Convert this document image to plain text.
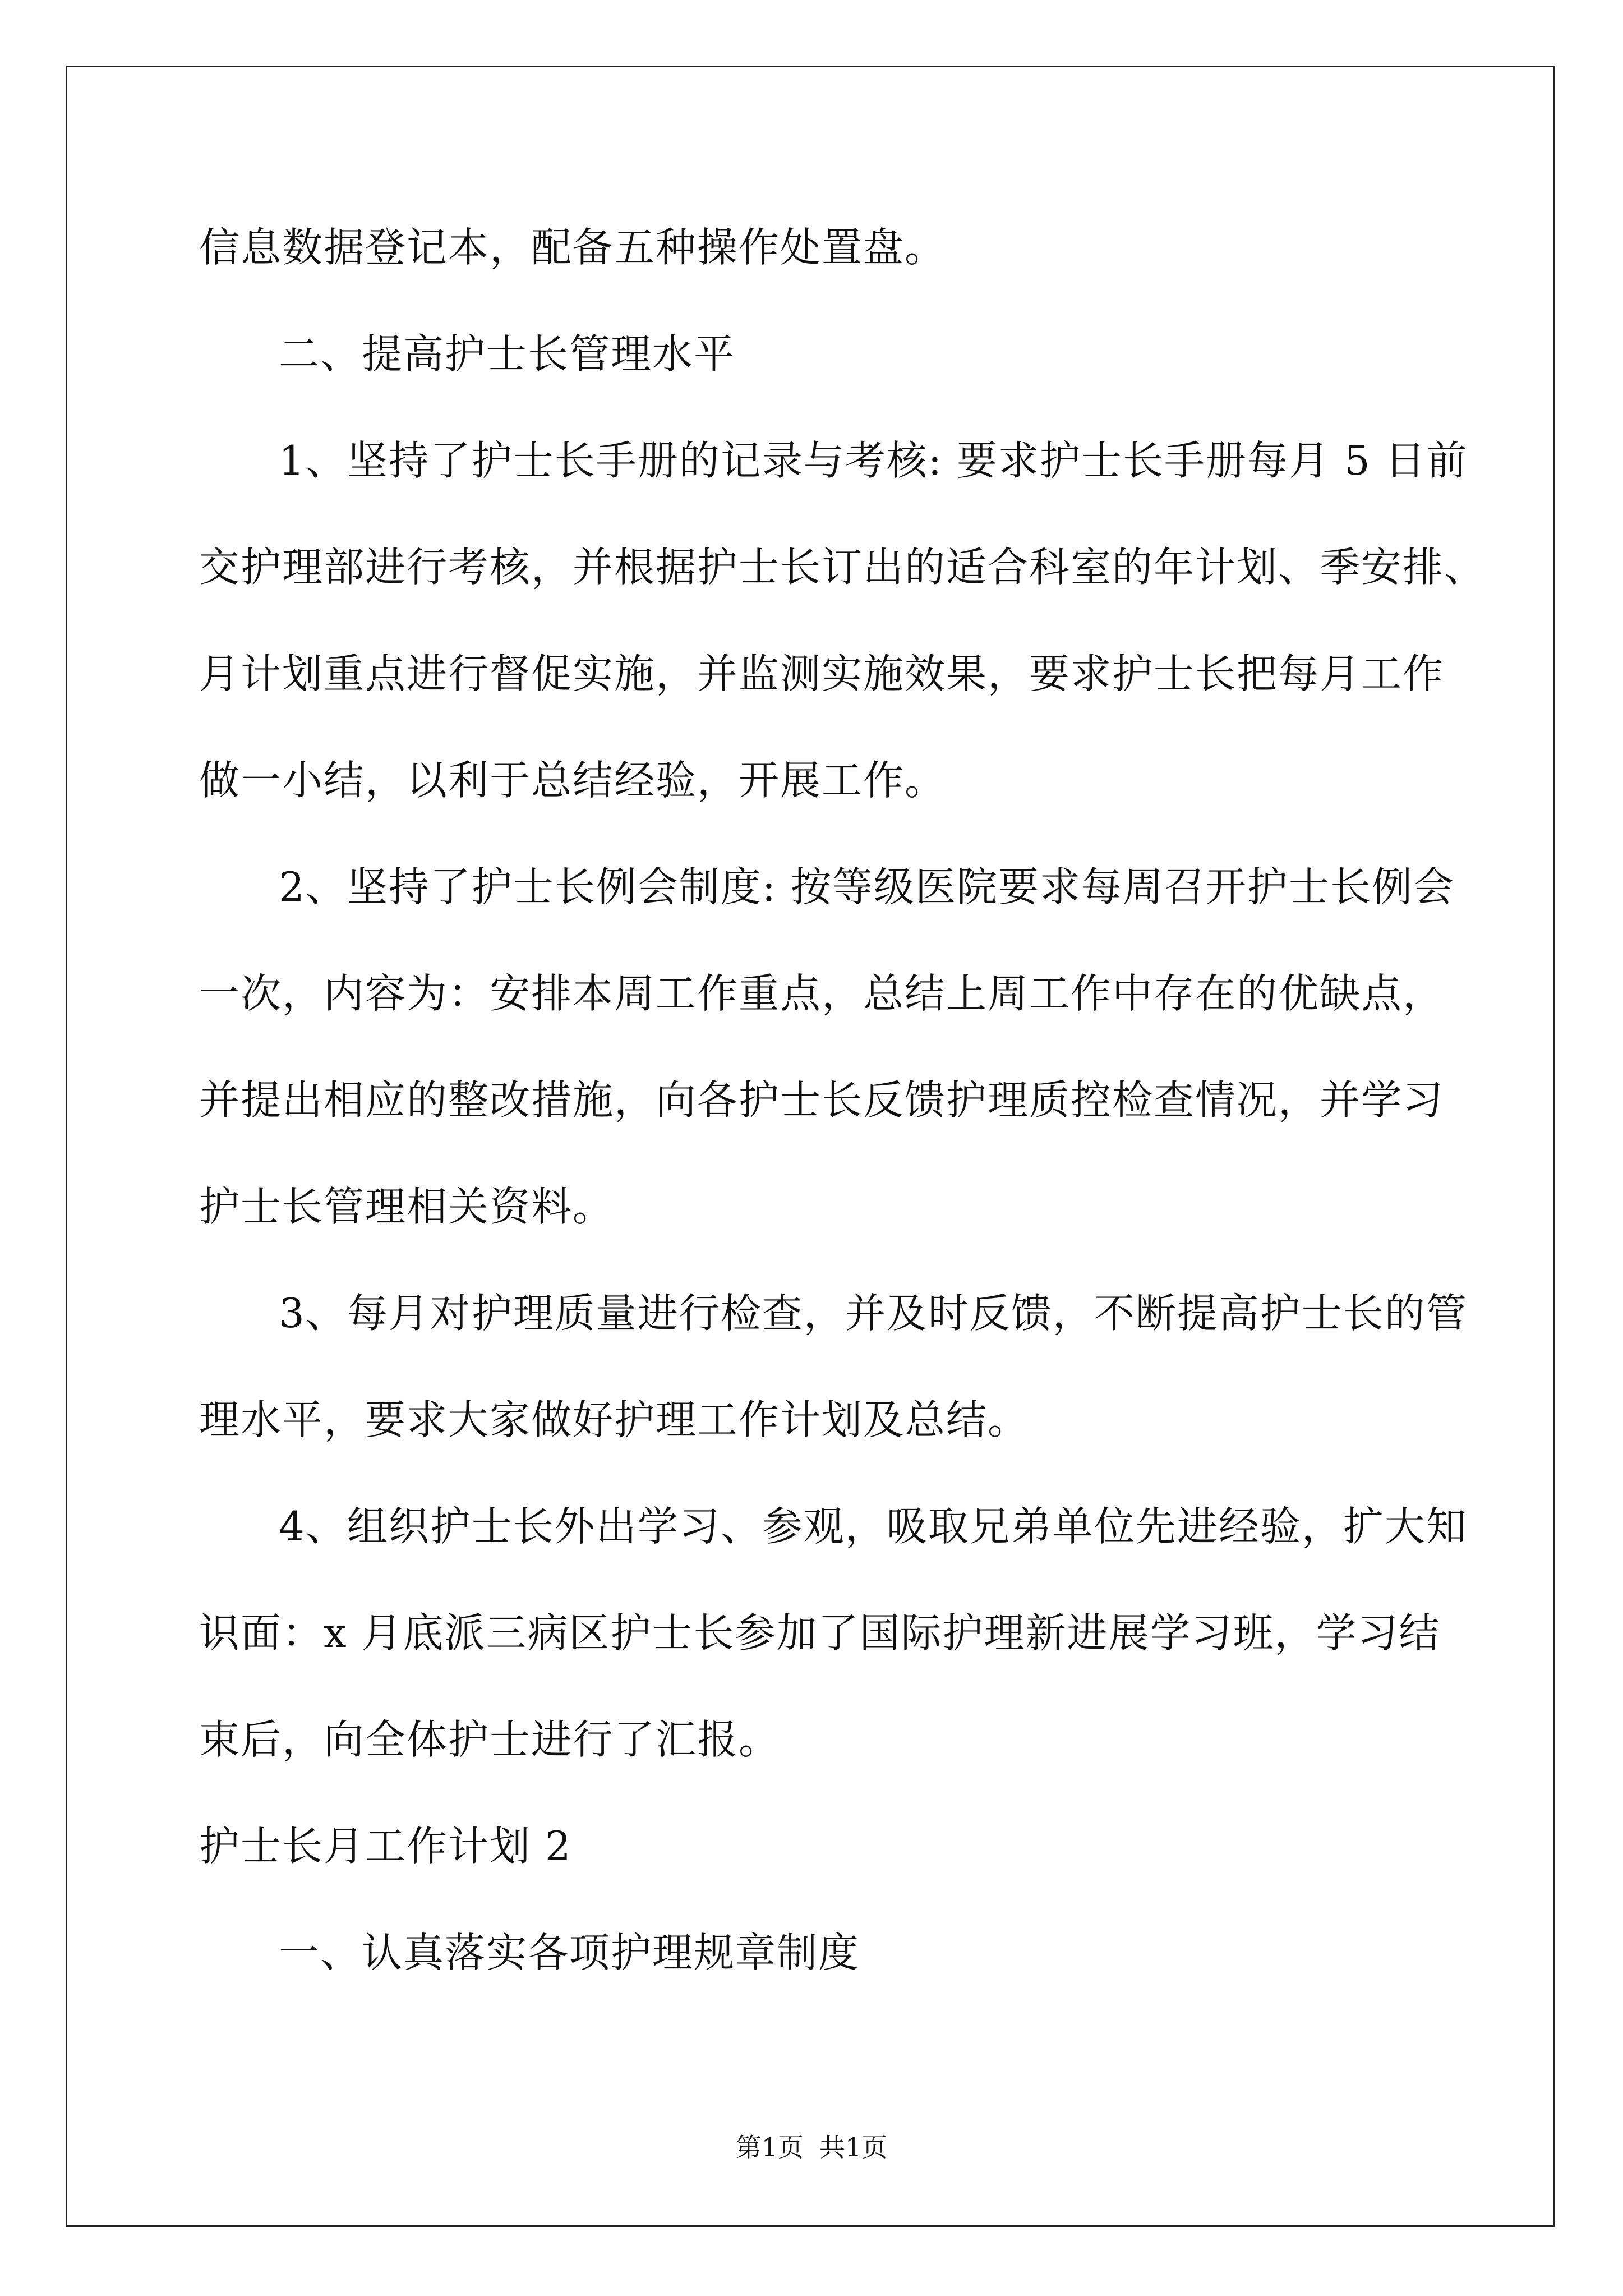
信息数据登记本，配备五种操作处置盘。
二、提高护士长管理水平
1、坚持了护士长手册的记录与考核: 要求护士长手册每月 5 日前
交护理部进行考核，并根据护士长订出的适合科室的年计划、季安排、
月计划重点进行督促实施，并监测实施效果，要求护士长把每月工作
做一小结，以利于总结经验，开展工作。
2、坚持了护士长例会制度: 按等级医院要求每周召开护士长例会
一次，内容为：安排本周工作重点，总结上周工作中存在的优缺点，
并提出相应的整改措施，向各护士长反馈护理质控检查情况，并学习
护士长管理相关资料。
3、每月对护理质量进行检查，并及时反馈，不断提高护士长的管
理水平，要求大家做好护理工作计划及总结。
4、组织护士长外出学习、参观，吸取兄弟单位先进经验，扩大知
识面：x 月底派三病区护士长参加了国际护理新进展学习班，学习结
束后，向全体护士进行了汇报。
护士长月工作计划 2
一、认真落实各项护理规章制度
第1页 共1页
